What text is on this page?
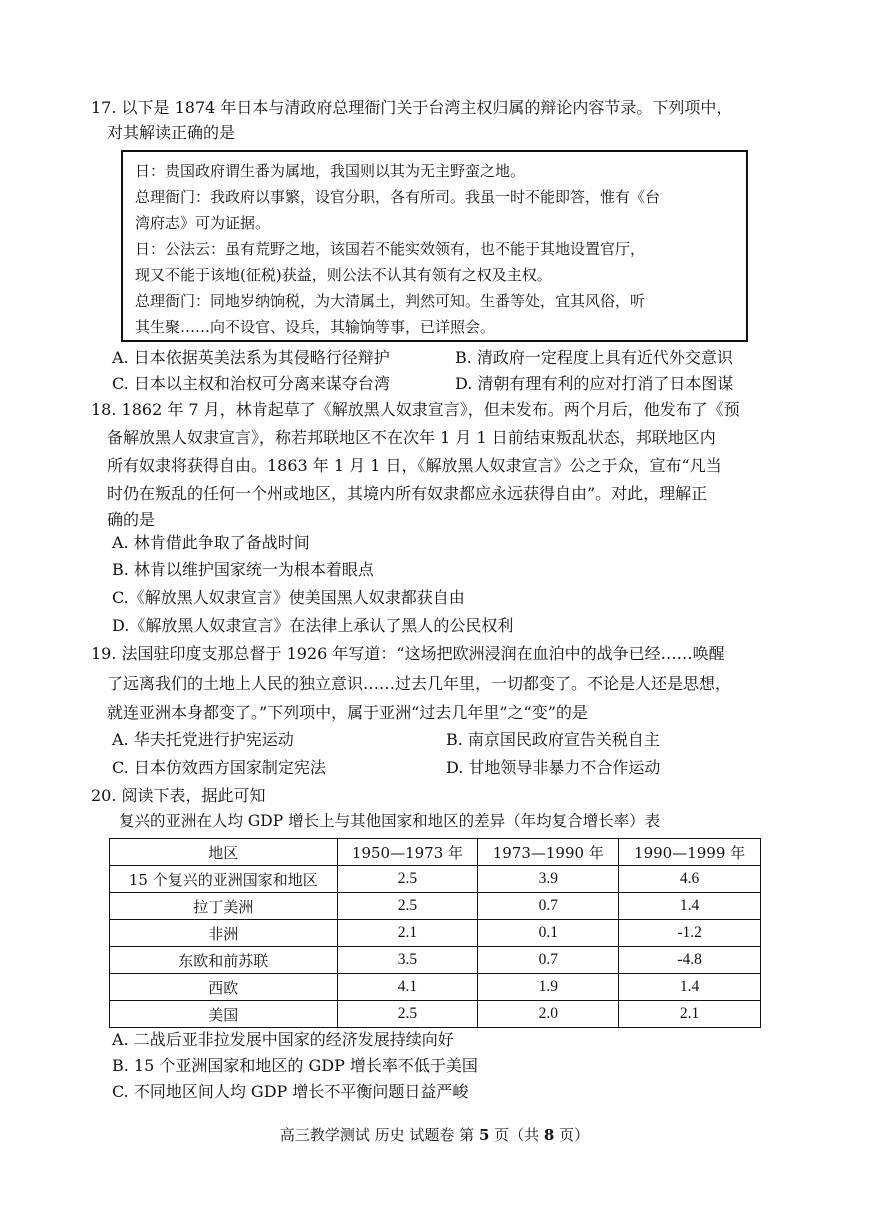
17. 以下是 1874 年日本与清政府总理衙门关于台湾主权归属的辩论内容节录。下列项中，
对其解读正确的是
日：贵国政府谓生番为属地，我国则以其为无主野蛮之地。
总理衙门：我政府以事繁，设官分职，各有所司。我虽一时不能即答，惟有《台
湾府志》可为证据。
日：公法云：虽有荒野之地，该国若不能实效领有，也不能于其地设置官厅，
现又不能于该地(征税)获益，则公法不认其有领有之权及主权。
总理衙门：同地岁纳饷税，为大清属土，判然可知。生番等处，宜其风俗，听
其生聚……向不设官、设兵，其输饷等事，已详照会。
A. 日本依据英美法系为其侵略行径辩护	B. 清政府一定程度上具有近代外交意识
C. 日本以主权和治权可分离来谋夺台湾	D. 清朝有理有利的应对打消了日本图谋
18. 1862 年 7 月，林肯起草了《解放黑人奴隶宣言》，但未发布。两个月后，他发布了《预
备解放黑人奴隶宣言》，称若邦联地区不在次年 1 月 1 日前结束叛乱状态，邦联地区内
所有奴隶将获得自由。1863 年 1 月 1 日，《解放黑人奴隶宣言》公之于众，宣布“凡当
时仍在叛乱的任何一个州或地区，其境内所有奴隶都应永远获得自由”。对此，理解正
确的是
A. 林肯借此争取了备战时间
B. 林肯以维护国家统一为根本着眼点
C.《解放黑人奴隶宣言》使美国黑人奴隶都获自由
D.《解放黑人奴隶宣言》在法律上承认了黑人的公民权利
19. 法国驻印度支那总督于 1926 年写道：“这场把欧洲浸润在血泊中的战争已经……唤醒
了远离我们的土地上人民的独立意识……过去几年里，一切都变了。不论是人还是思想，
就连亚洲本身都变了。”下列项中，属于亚洲“过去几年里”之“变”的是
A. 华夫托党进行护宪运动	B. 南京国民政府宣告关税自主
C. 日本仿效西方国家制定宪法	D. 甘地领导非暴力不合作运动
20. 阅读下表，据此可知
复兴的亚洲在人均 GDP 增长上与其他国家和地区的差异（年均复合增长率）表
地区	1950—1973 年	1973—1990 年	1990—1999 年
15 个复兴的亚洲国家和地区	2.5	3.9	4.6
拉丁美洲	2.5	0.7	1.4
非洲	2.1	0.1	-1.2
东欧和前苏联	3.5	0.7	-4.8
西欧	4.1	1.9	1.4
美国	2.5	2.0	2.1
A. 二战后亚非拉发展中国家的经济发展持续向好
B. 15 个亚洲国家和地区的 GDP 增长率不低于美国
C. 不同地区间人均 GDP 增长不平衡问题日益严峻
高三教学测试 历史 试题卷 第 5 页（共 8 页）
